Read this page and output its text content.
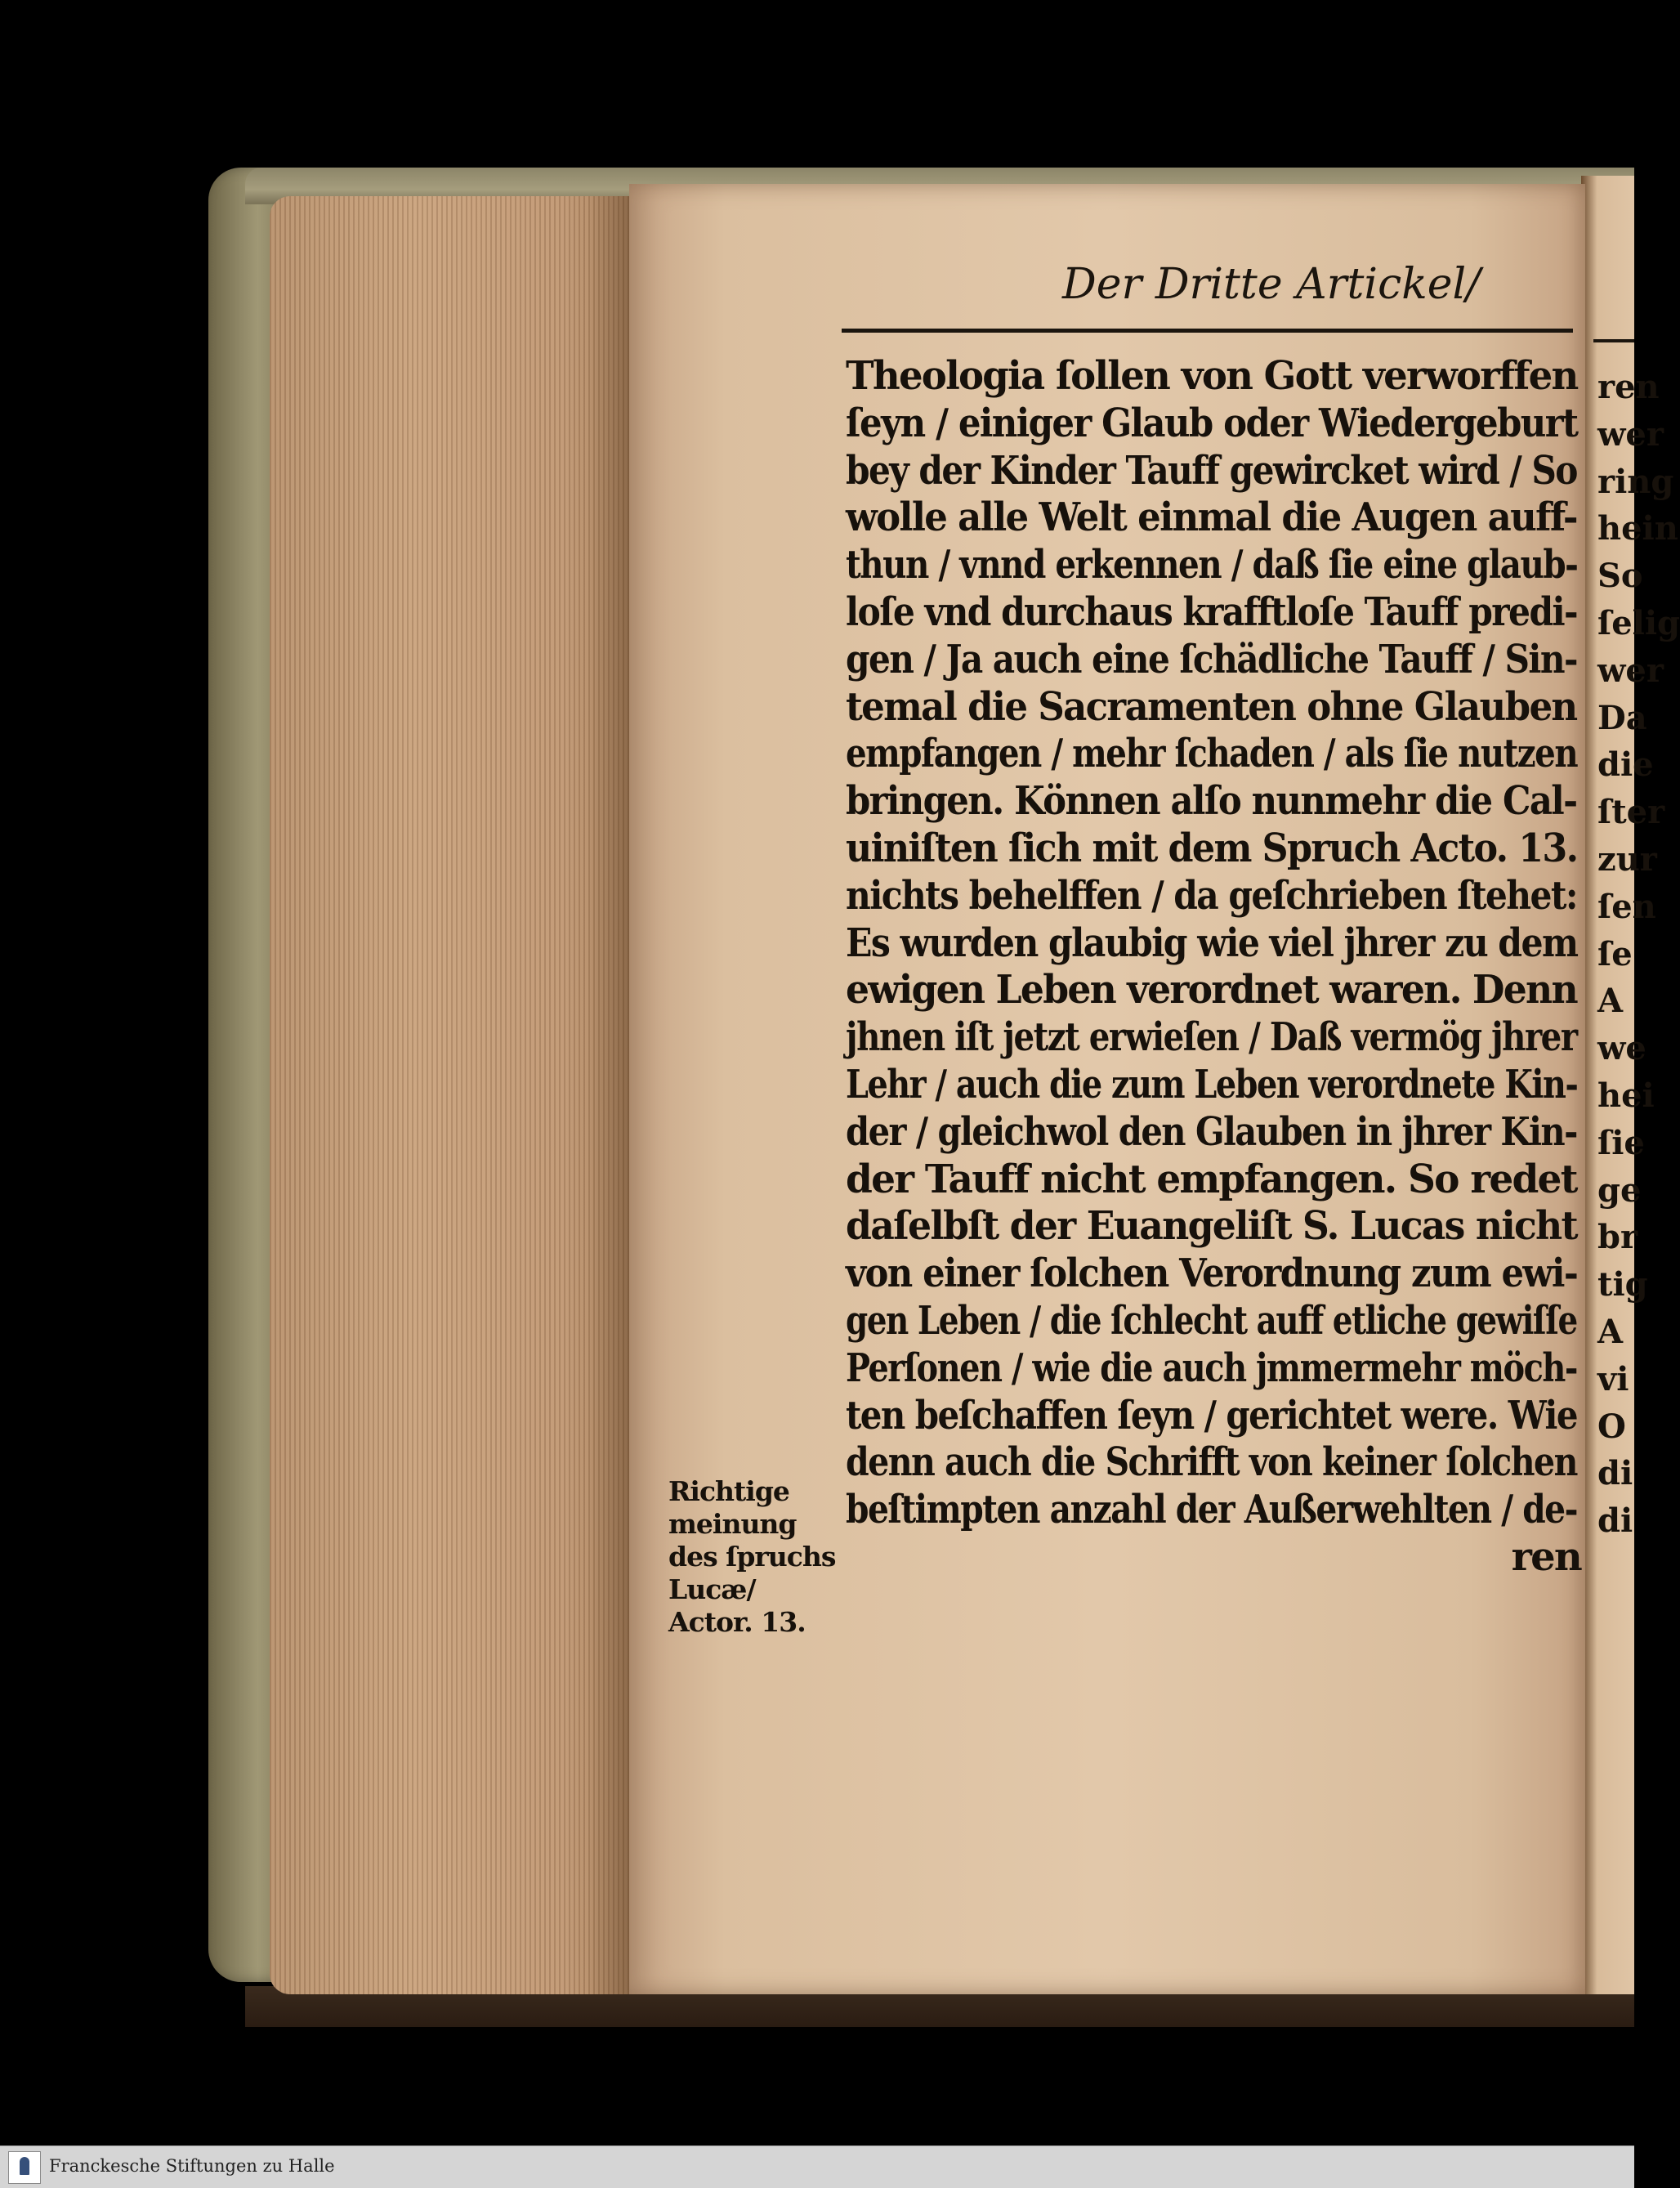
Der Dritte Artickel/
Theologia ſollen von Gott verworffen
ſeyn / einiger Glaub oder Wiedergeburt
bey der Kinder Tauff gewircket wird / So
wolle alle Welt einmal die Augen auff-
thun / vnnd erkennen / daß ſie eine glaub-
loſe vnd durchaus krafftloſe Tauff predi-
gen / Ja auch eine ſchädliche Tauff / Sin-
temal die Sacramenten ohne Glauben
empfangen / mehr ſchaden / als ſie nutzen
bringen. Können alſo nunmehr die Cal-
uiniſten ſich mit dem Spruch Acto. 13.
nichts behelffen / da geſchrieben ſtehet:
Es wurden glaubig wie viel jhrer zu dem
ewigen Leben verordnet waren. Denn
jhnen iſt jetzt erwieſen / Daß vermög jhrer
Lehr / auch die zum Leben verordnete Kin-
der / gleichwol den Glauben in jhrer Kin-
der Tauff nicht empfangen. So redet
daſelbſt der Euangeliſt S. Lucas nicht
von einer ſolchen Verordnung zum ewi-
gen Leben / die ſchlecht auff etliche gewiſſe
Perſonen / wie die auch jmmermehr möch-
ten beſchaffen ſeyn / gerichtet were. Wie
denn auch die Schrifft von keiner ſolchen
beſtimpten anzahl der Außerwehlten / de-
ren
Richtige
meinung
des ſpruchs
Lucæ/
Actor. 13.
ren
wer
ring
hein
So
ſelig
wer
Da
die
ſter
zur
ſen
ſe
A
we
hei
ſie
ge
br
tig
A
vi
O
di
di
Franckesche Stiftungen zu Halle
